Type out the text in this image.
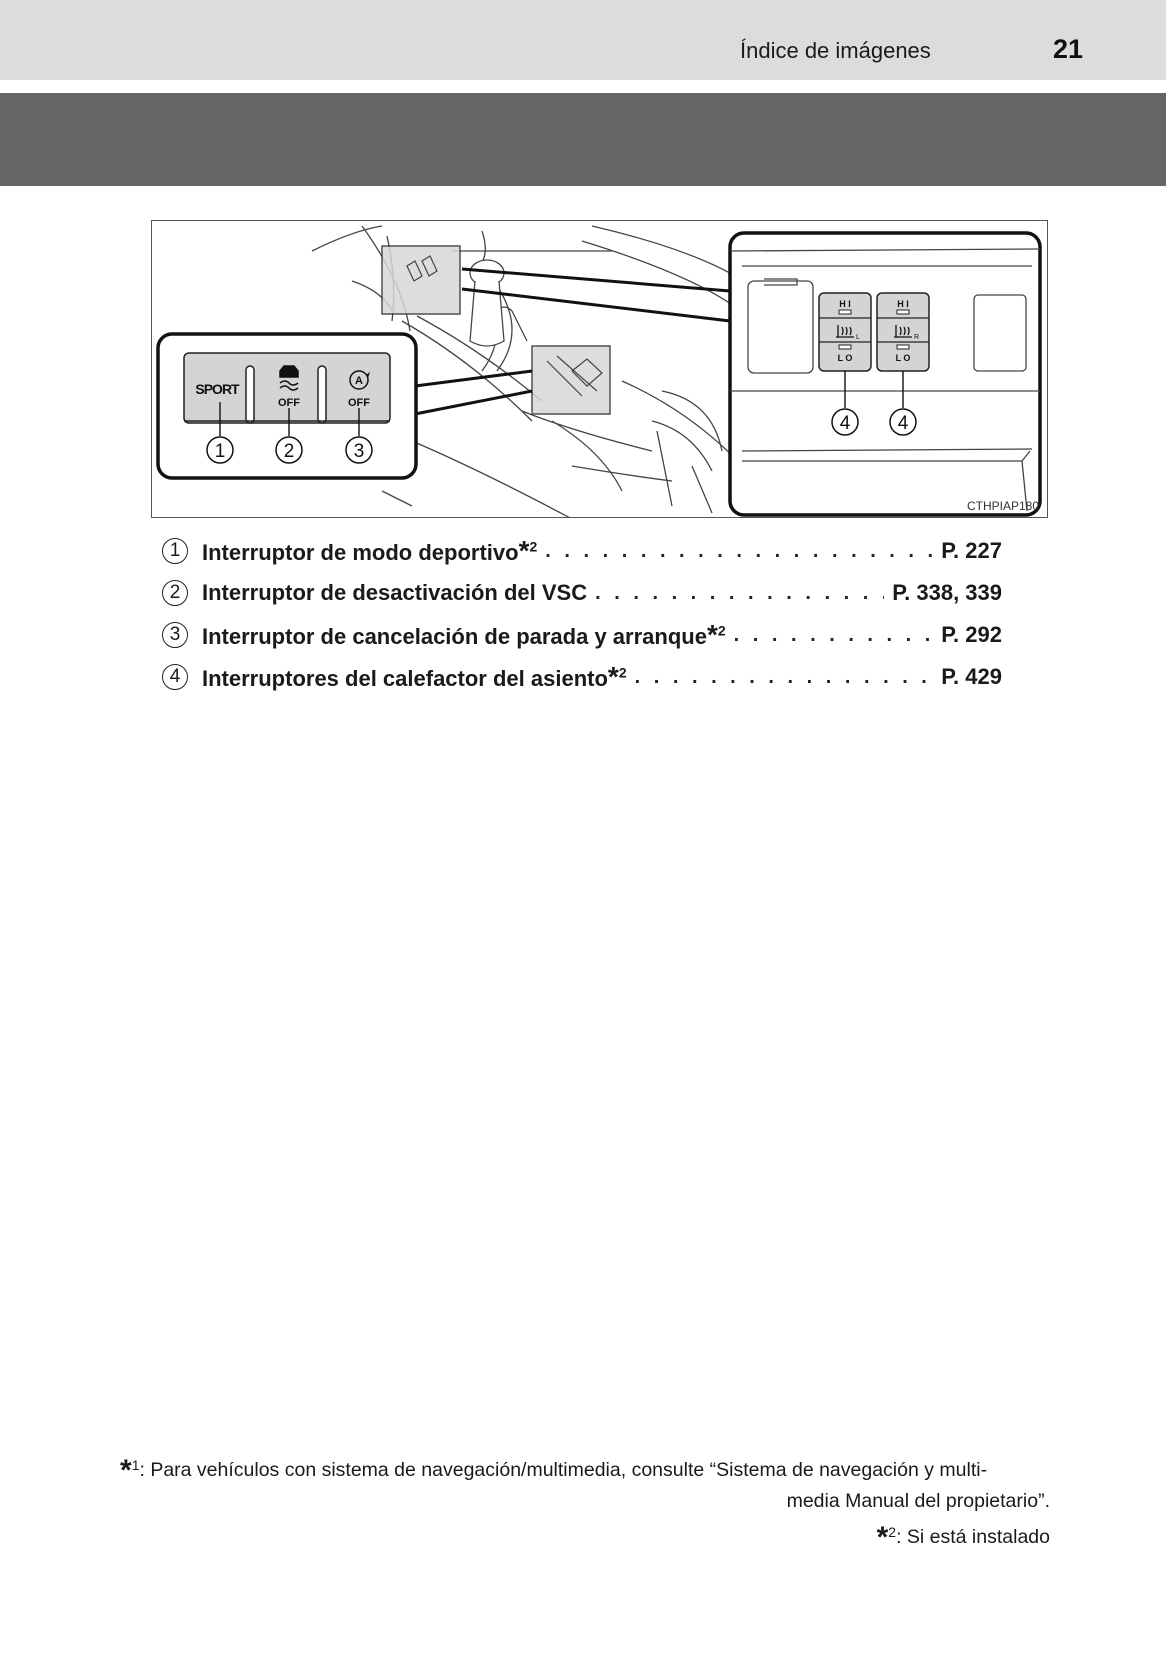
Índice de imágenes	21
SPORT
OFF
A
OFF
1	2	3
H I
L
L O
H I
R
L O
4 4
CTHPIAP180
1 Interruptor de modo deportivo*$^2$ . . .	P. 227
2 Interruptor de desactivación del VSC . . .	P. 338, 339
3 Interruptor de cancelación de parada y arranque*$^2$ . . .	P. 292
4 Interruptores del calefactor del asiento*$^2$ . . .	P. 429
*$^1$: Para vehículos con sistema de navegación/multimedia, consulte “Sistema de navegación y multi-
media Manual del propietario”.
*$^2$: Si está instalado
